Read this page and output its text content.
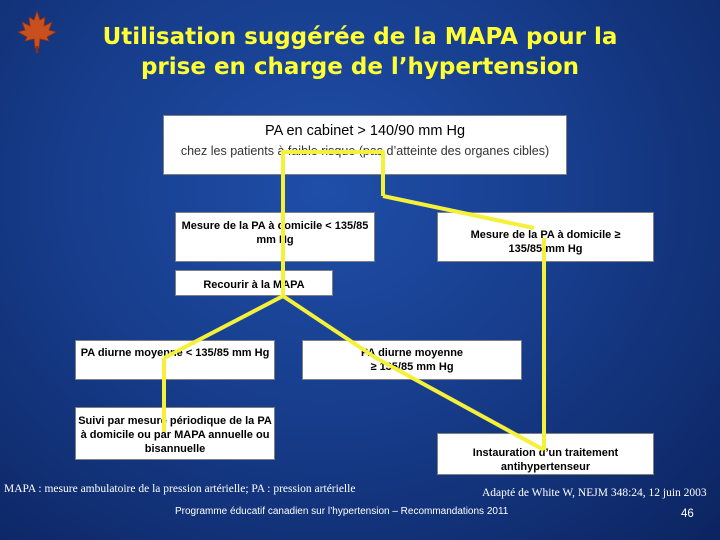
Utilisation suggérée de la MAPA pour la
prise en charge de l’hypertension
PA en cabinet > 140/90 mm Hg
chez les patients à faible risque (pas d’atteinte des organes cibles)
Mesure de la PA à domicile < 135/85 mm Hg	Mesure de la PA à domicile ≥
135/85 mm Hg
Recourir à la MAPA
PA diurne moyenne < 135/85 mm Hg	PA diurne moyenne
≥ 135/85 mm Hg
Suivi par mesure périodique de la PA à domicile ou par MAPA annuelle ou bisannuelle	Instauration d’un traitement antihypertenseur
MAPA : mesure ambulatoire de la pression artérielle; PA : pression artérielle	Adapté de White W, NEJM 348:24, 12 juin 2003
Programme éducatif canadien sur l’hypertension – Recommandations 2011	46
